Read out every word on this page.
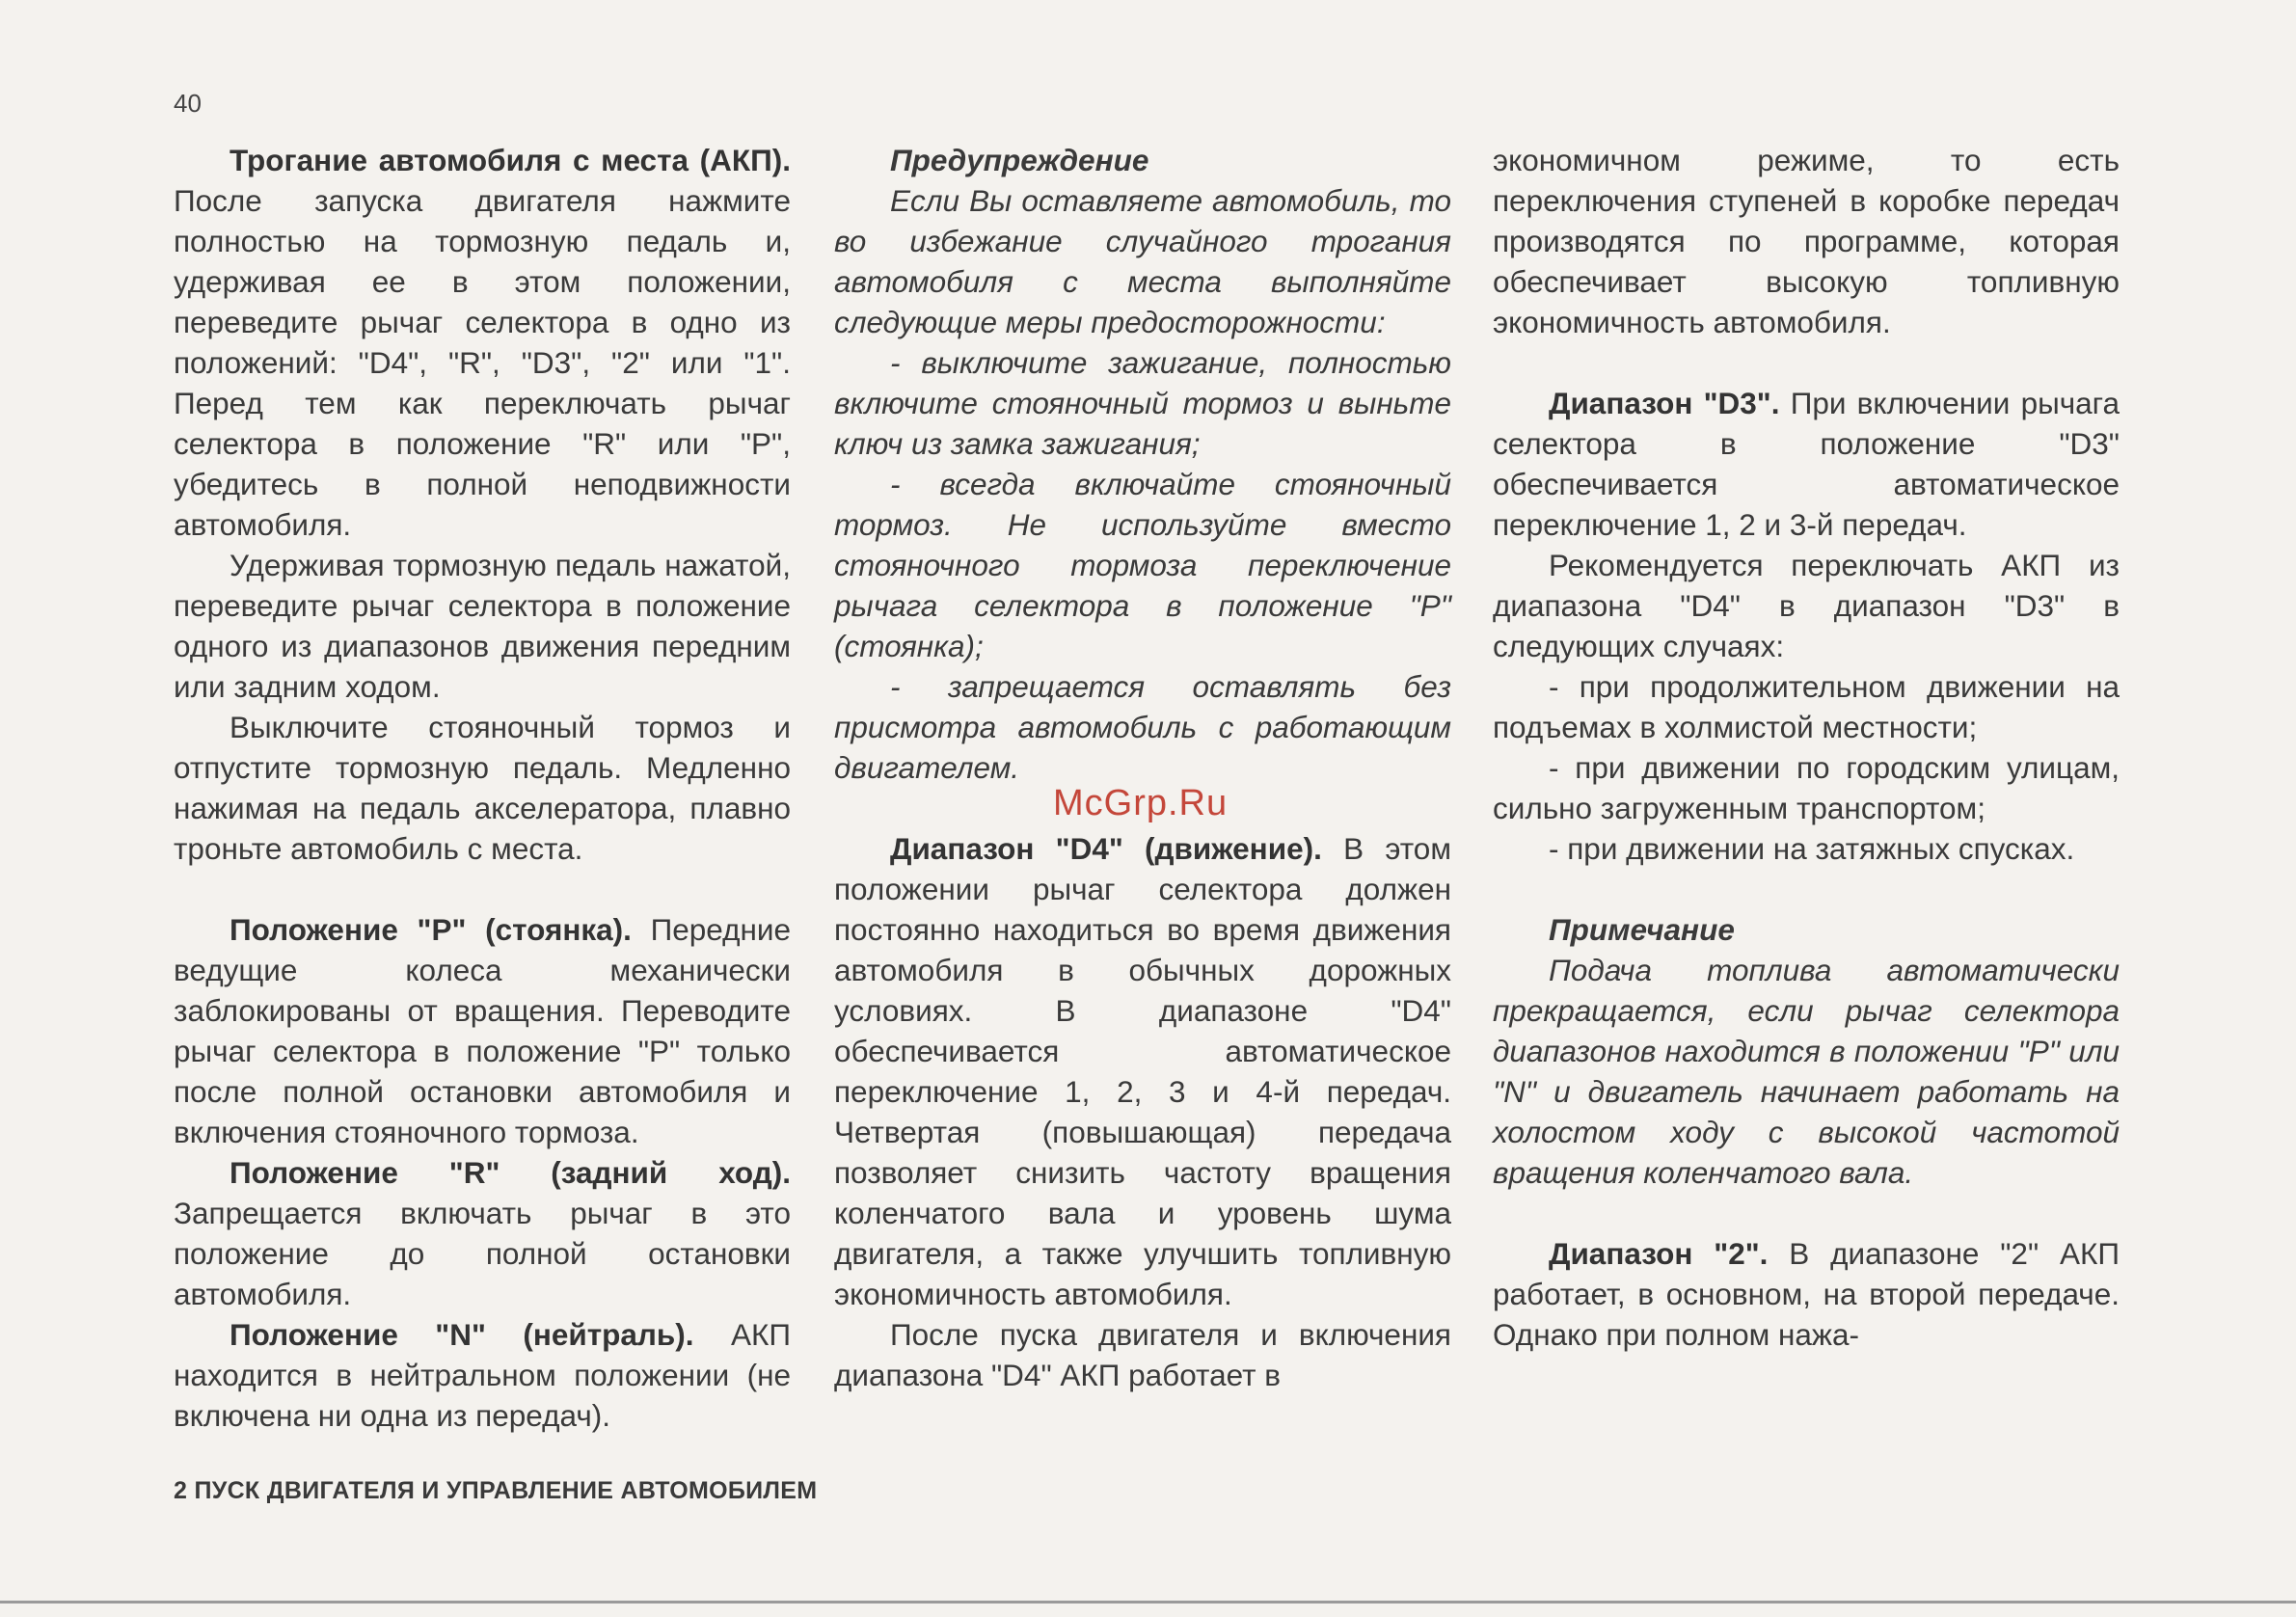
40

Трогание автомобиля с места (АКП). После запуска двигателя нажмите полностью на тормозную педаль и, удерживая ее в этом положении, переведите рычаг селектора в одно из положений: "D4", "R", "D3", "2" или "1". Перед тем как переключать рычаг селектора в положение "R" или "P", убедитесь в полной неподвижности автомобиля.

Удерживая тормозную педаль нажатой, переведите рычаг селектора в положение одного из диапазонов движения передним или задним ходом.

Выключите стояночный тормоз и отпустите тормозную педаль. Медленно нажимая на педаль акселератора, плавно троньте автомобиль с места.

Положение "P" (стоянка). Передние ведущие колеса механически заблокированы от вращения. Переводите рычаг селектора в положение "P" только после полной остановки автомобиля и включения стояночного тормоза.

Положение "R" (задний ход). Запрещается включать рычаг в это положение до полной остановки автомобиля.

Положение "N" (нейтраль). АКП находится в нейтральном положении (не включена ни одна из передач).

Предупреждение

Если Вы оставляете автомобиль, то во избежание случайного трогания автомобиля с места выполняйте следующие меры предосторожности:

- выключите зажигание, полностью включите стояночный тормоз и выньте ключ из замка зажигания;

- всегда включайте стояночный тормоз. Не используйте вместо стояночного тормоза переключение рычага селектора в положение "P" (стоянка);

- запрещается оставлять без присмотра автомобиль с работающим двигателем.

Диапазон "D4" (движение). В этом положении рычаг селектора должен постоянно находиться во время движения автомобиля в обычных дорожных условиях. В диапазоне "D4" обеспечивается автоматическое переключение 1, 2, 3 и 4-й передач. Четвертая (повышающая) передача позволяет снизить частоту вращения коленчатого вала и уровень шума двигателя, а также улучшить топливную экономичность автомобиля.

После пуска двигателя и включения диапазона "D4" АКП работает в

экономичном режиме, то есть переключения ступеней в коробке передач производятся по программе, которая обеспечивает высокую топливную экономичность автомобиля.

Диапазон "D3". При включении рычага селектора в положение "D3" обеспечивается автоматическое переключение 1, 2 и 3-й передач.

Рекомендуется переключать АКП из диапазона "D4" в диапазон "D3" в следующих случаях:

- при продолжительном движении на подъемах в холмистой местности;

- при движении по городским улицам, сильно загруженным транспортом;

- при движении на затяжных спусках.

Примечание

Подача топлива автоматически прекращается, если рычаг селектора диапазонов находится в положении "P" или "N" и двигатель начинает работать на холостом ходу с высокой частотой вращения коленчатого вала.

Диапазон "2". В диапазоне "2" АКП работает, в основном, на второй передаче. Однако при полном нажа-

McGrp.Ru
2 ПУСК ДВИГАТЕЛЯ И УПРАВЛЕНИЕ АВТОМОБИЛЕМ
